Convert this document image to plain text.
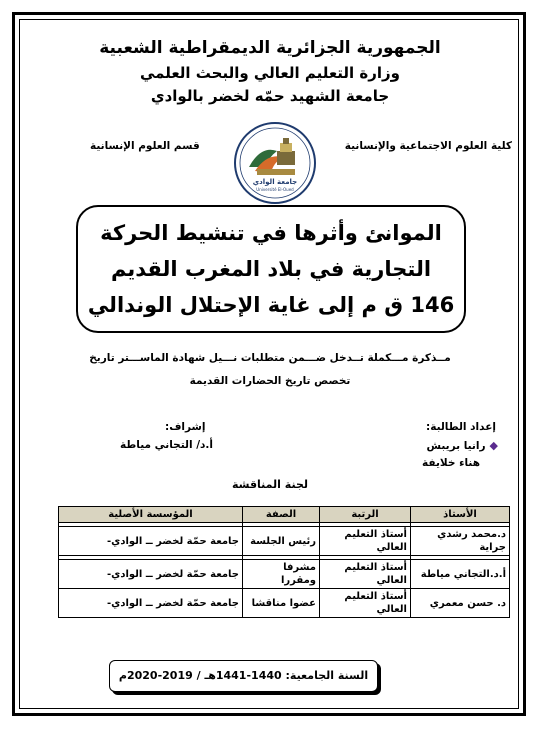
الجمهورية الجزائرية الديمقراطية الشعبية
وزارة التعليم العالي والبحث العلمي
جامعة الشهيد حمّه لخضر بالوادي
كلية العلوم الاجتماعية والإنسانية
قسم العلوم الإنسانية
جامعة الوادي
Université El-Oued
الموانئ وأثرها في تنشيط الحركة
التجارية في بلاد المغرب القديم
146 ق م إلى غاية الإحتلال الوندالي
مــذكرة مـــكملة تــدخل ضـــمن متطلبات نـــيل شهادة الماســـتر تاريخ
تخصص تاريخ الحضارات القديمة
إعداد الطالبة:
إشراف:
◆رانيا بريبش
هناء خلايفة
أ.د/ التجاني مياطة
لجنة المناقشة
الأستاذ	الرتبة	الصفة	المؤسسة الأصلية

د.محمد رشدي جراية	أستاذ التعليم العالي	رئيس الجلسة	جامعة حمّة لخضر ــ الوادي-

أ.د.التجاني مياطة	أستاذ التعليم العالي	مشرفا ومقررا	جامعة حمّة لخضر ــ الوادي-
د. حسن معمري	أستاذ التعليم العالي	عضوا مناقشا	جامعة حمّة لخضر ــ الوادي-
السنة الجامعية: 1440-1441هـ / 2019-2020م
